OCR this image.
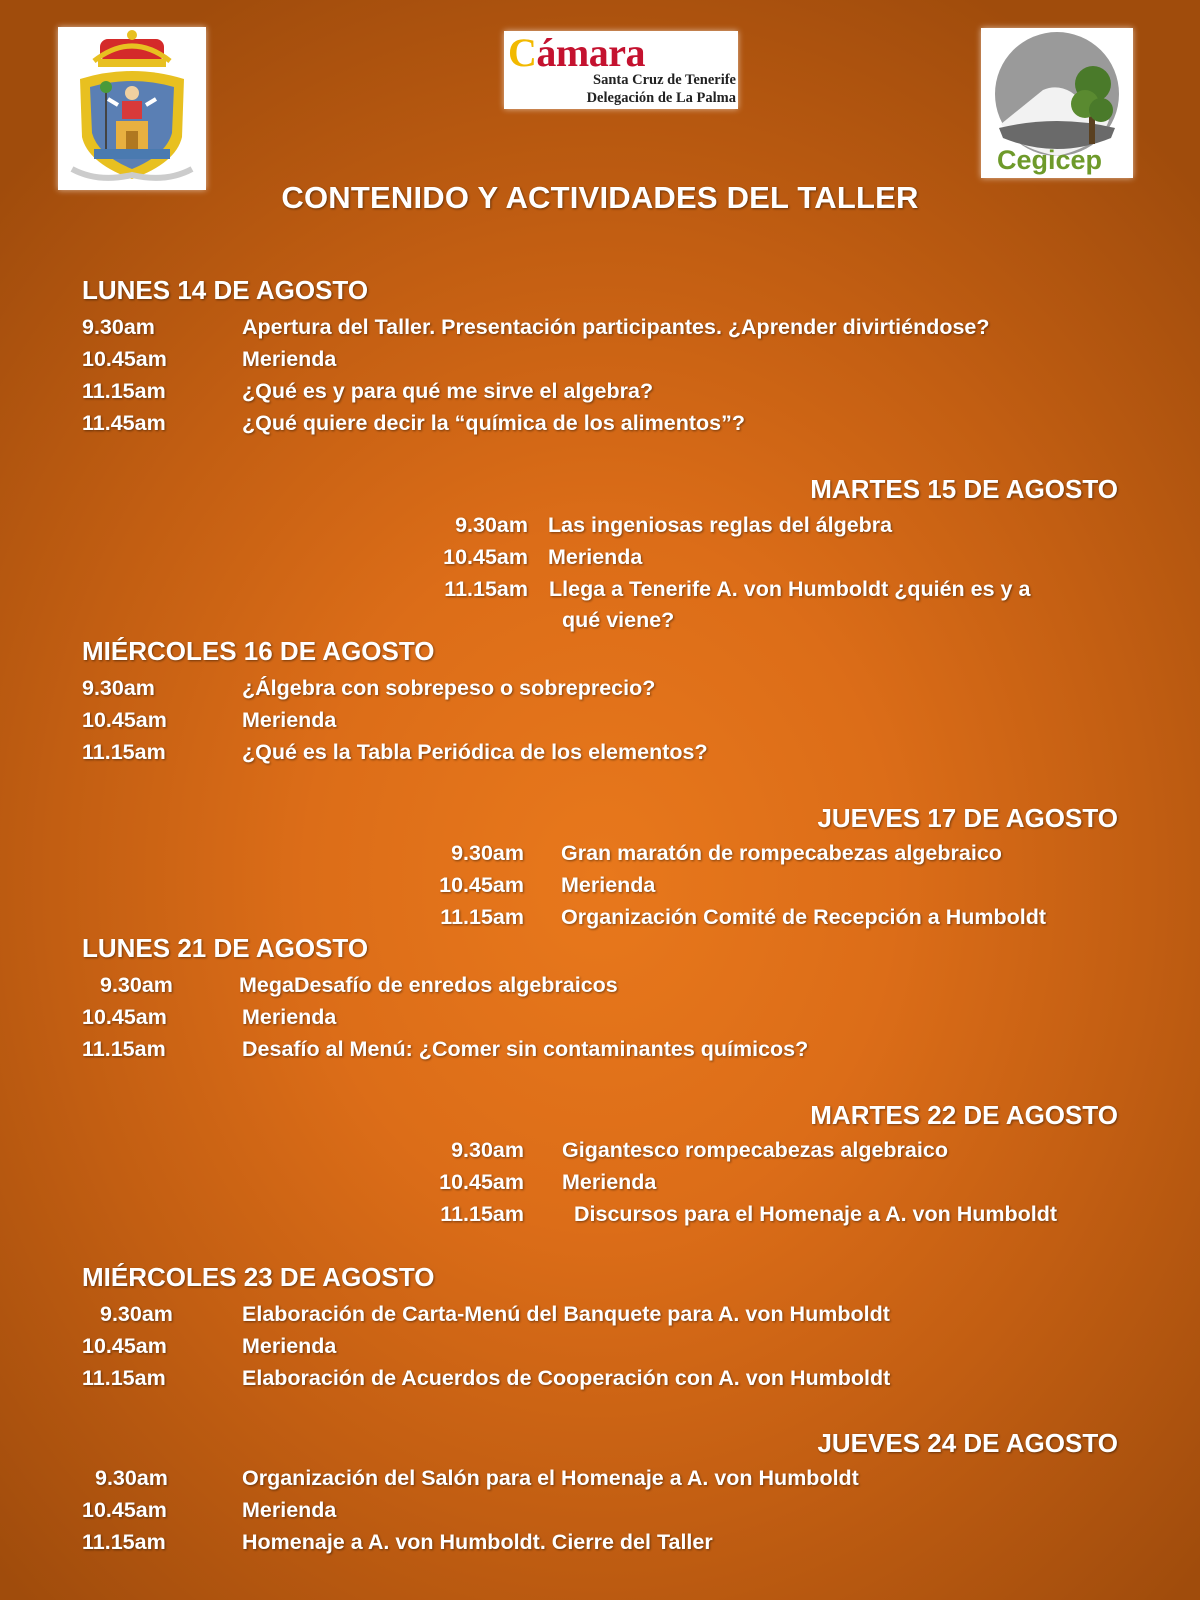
Cámara
Santa Cruz de Tenerife
Delegación de La Palma
Cegicep
CONTENIDO Y ACTIVIDADES DEL TALLER
LUNES 14 DE AGOSTO
9.30am	Apertura del Taller. Presentación participantes. ¿Aprender divirtiéndose?
10.45am	Merienda
11.15am	¿Qué es y para qué me sirve el algebra?
11.45am	¿Qué quiere decir la “química de los alimentos”?
MARTES 15 DE AGOSTO
9.30am Las ingeniosas reglas del álgebra
10.45am Merienda
11.15am Llega a Tenerife A. von Humboldt ¿quién es y a
qué viene?
MIÉRCOLES 16 DE AGOSTO
9.30am	¿Álgebra con sobrepeso o sobreprecio?
10.45am	Merienda
11.15am	¿Qué es la Tabla Periódica de los elementos?
JUEVES 17 DE AGOSTO
9.30am Gran maratón de rompecabezas algebraico
10.45am Merienda
11.15am Organización Comité de Recepción a Humboldt
LUNES 21 DE AGOSTO
9.30am	MegaDesafío de enredos algebraicos
10.45am	Merienda
11.15am	Desafío al Menú: ¿Comer sin contaminantes químicos?
MARTES 22 DE AGOSTO
9.30am Gigantesco rompecabezas algebraico
10.45am Merienda
11.15am Discursos para el Homenaje a A. von Humboldt
MIÉRCOLES 23 DE AGOSTO
9.30am	Elaboración de Carta-Menú del Banquete para A. von Humboldt
10.45am	Merienda
11.15am	Elaboración de Acuerdos de Cooperación con A. von Humboldt
JUEVES 24 DE AGOSTO
9.30am	Organización del Salón para el Homenaje a A. von Humboldt
10.45am	Merienda
11.15am	Homenaje a A. von Humboldt. Cierre del Taller
